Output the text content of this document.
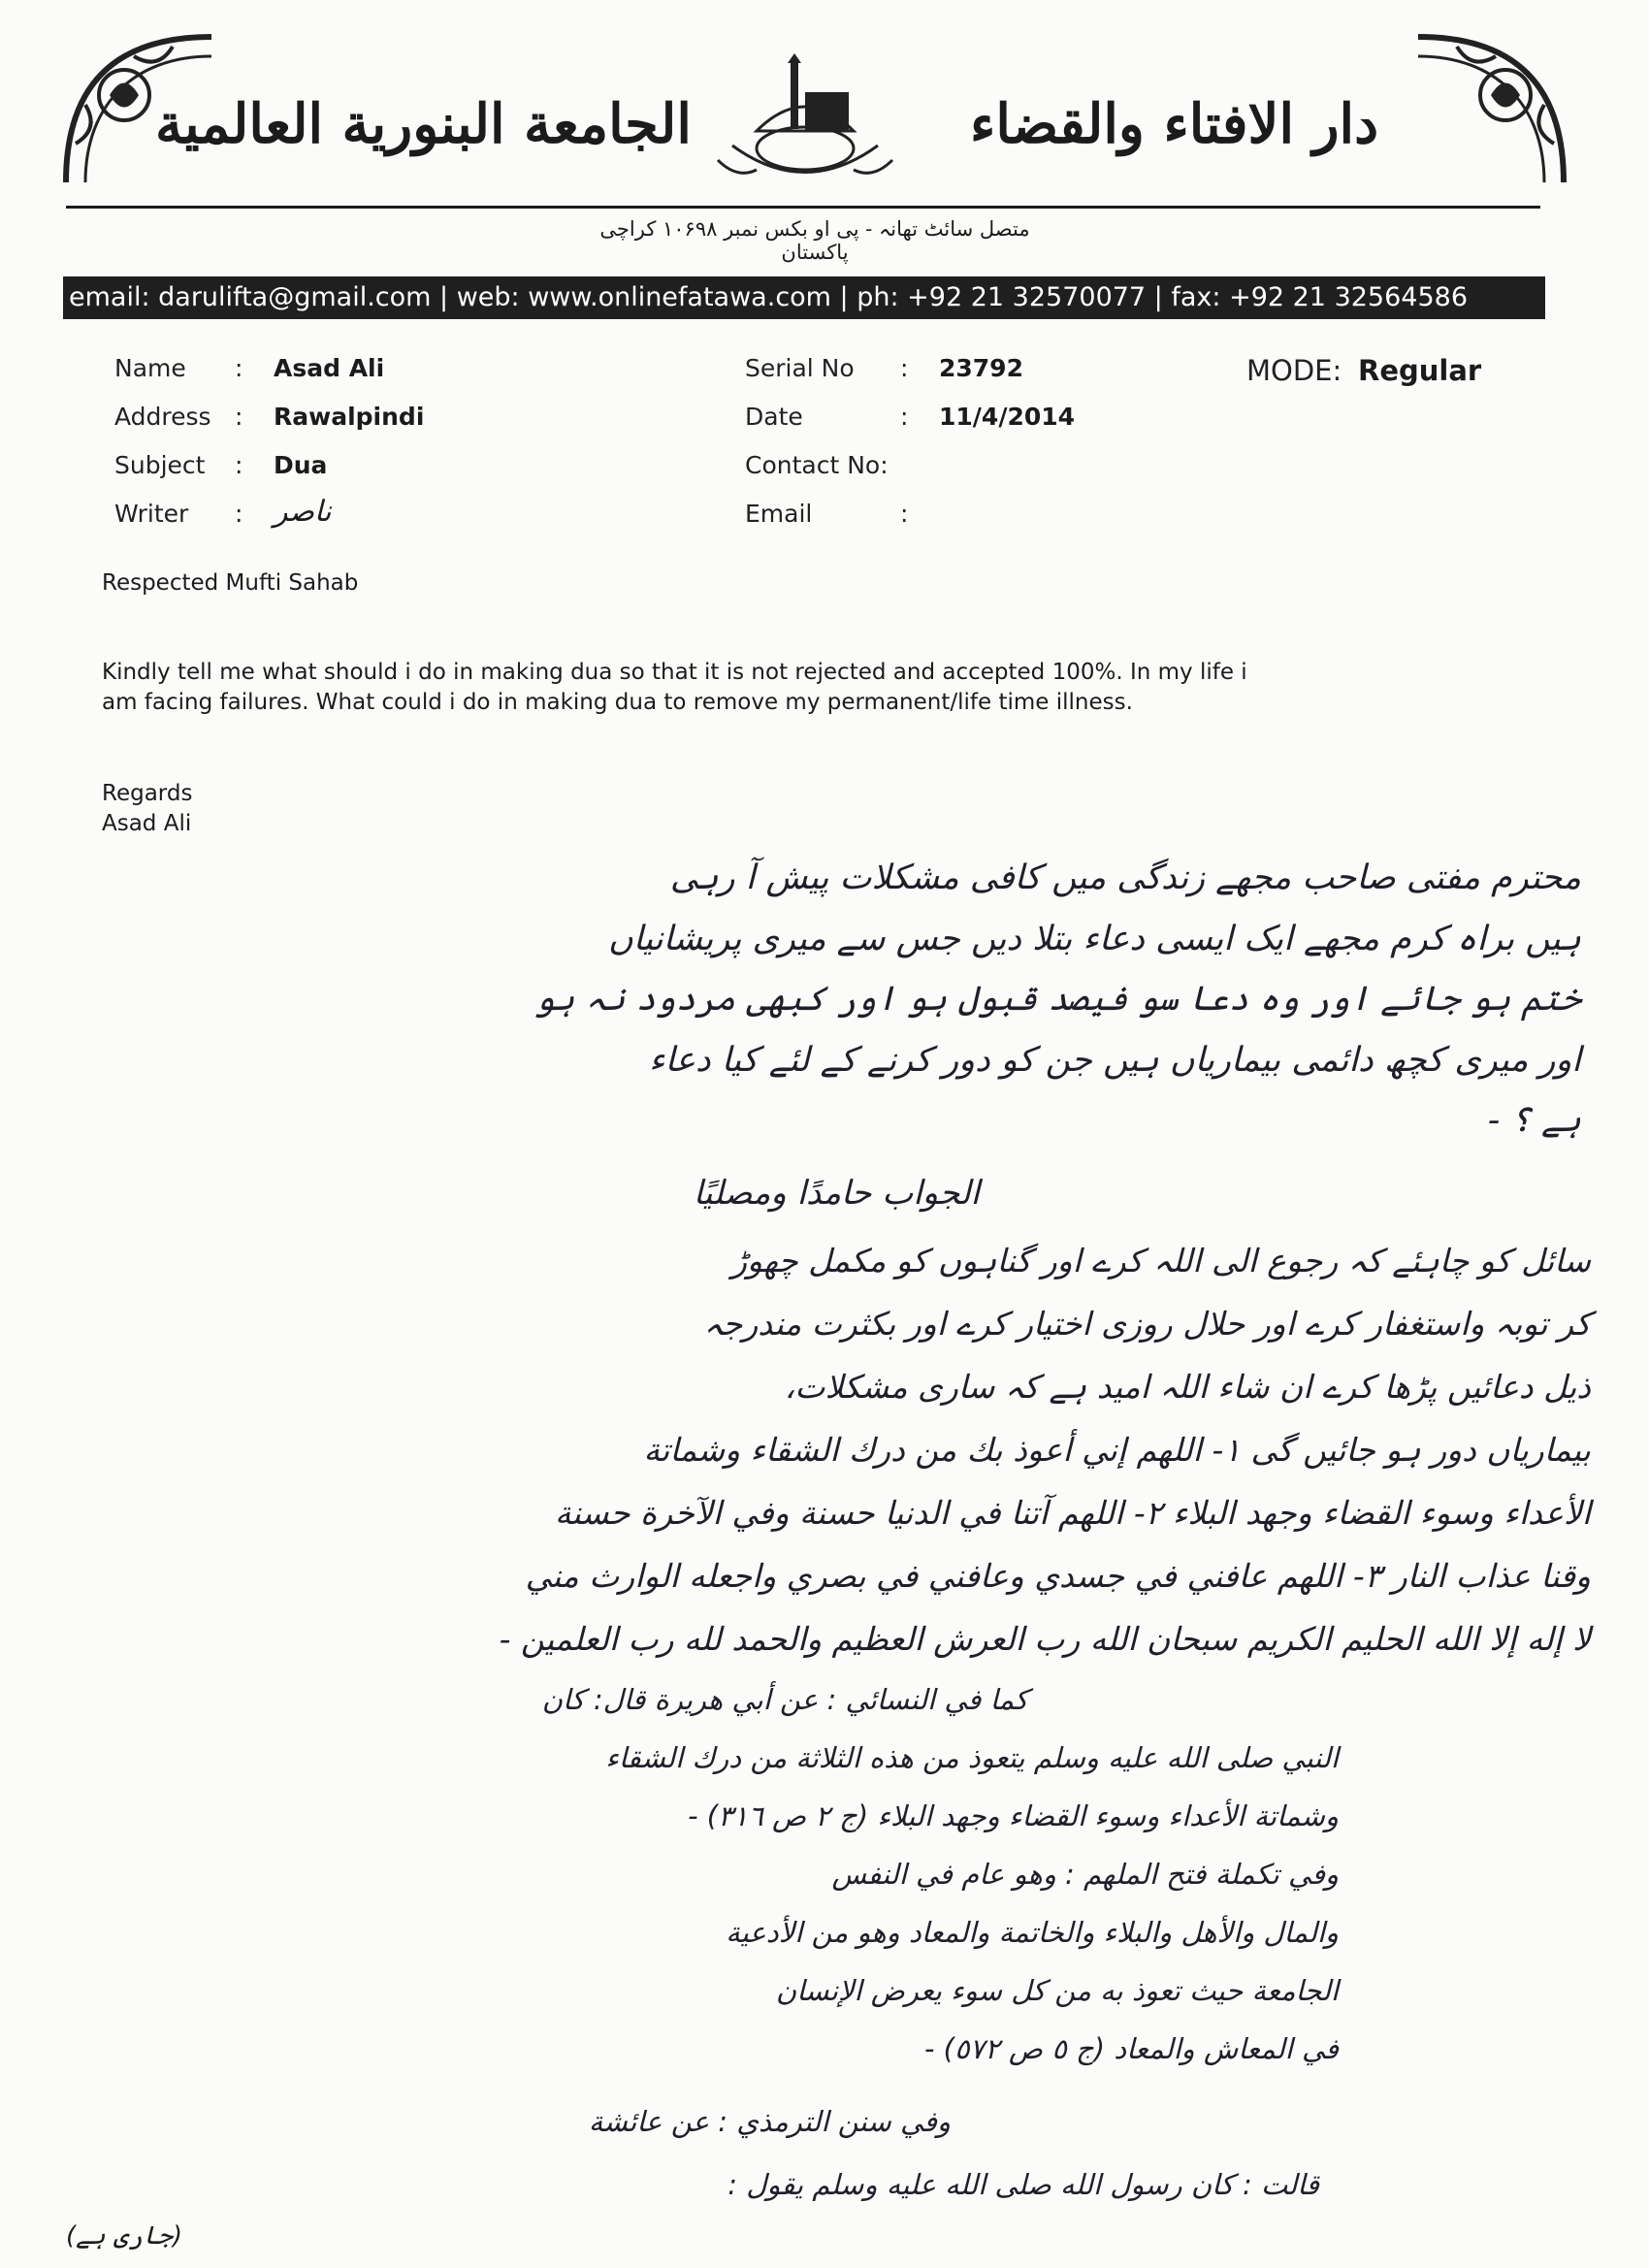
الجامعة البنورية العالمية	دار الافتاء والقضاء
متصل سائٹ تھانہ - پی او بکس نمبر ۱۰۶۹۸ کراچی پاکستان
email: darulifta@gmail.com | web: www.onlinefatawa.com | ph: +92 21 32570077 | fax: +92 21 32564586
Name : Asad Ali
Address : Rawalpindi
Subject : Dua
Writer : ناصر
Serial No : 23792
Date	: 11/4/2014
Contact No:
Email	:
MODE: Regular
Respected Mufti Sahab
Kindly tell me what should i do in making dua so that it is not rejected and accepted 100%. In my life i
am facing failures. What could i do in making dua to remove my permanent/life time illness.
Regards
Asad Ali
محترم مفتی صاحب مجھے زندگی میں کافی مشکلات پیش آ رہی
ہیں براہ کرم مجھے ایک ایسی دعاء بتلا دیں جس سے میری پریشانیاں
ختم ہو جائے اور وہ دعا سو فیصد قبول ہو اور کبھی مردود نہ ہو
اور میری کچھ دائمی بیماریاں ہیں جن کو دور کرنے کے لئے کیا دعاء
ہے ؟ -
الجواب حامدًا ومصليًا
سائل کو چاہئے کہ رجوع الی اللہ کرے اور گناہوں کو مکمل چھوڑ
کر توبہ واستغفار کرے اور حلال روزی اختیار کرے اور بکثرت مندرجہ
ذیل دعائیں پڑھا کرے ان شاء اللہ امید ہے کہ ساری مشکلات،
بیماریاں دور ہو جائیں گی ١- اللهم إني أعوذ بك من درك الشقاء وشماتة
الأعداء وسوء القضاء وجهد البلاء ٢- اللهم آتنا في الدنيا حسنة وفي الآخرة حسنة
وقنا عذاب النار ٣- اللهم عافني في جسدي وعافني في بصري واجعله الوارث مني
لا إله إلا الله الحليم الكريم سبحان الله رب العرش العظيم والحمد لله رب العلمين -
كما في النسائي : عن أبي هريرة قال: كان
النبي صلى الله عليه وسلم يتعوذ من هذه الثلاثة من درك الشقاء
وشماتة الأعداء وسوء القضاء وجهد البلاء (ج ٢ ص ٣١٦) -
وفي تكملة فتح الملهم : وهو عام في النفس
والمال والأهل والبلاء والخاتمة والمعاد وهو من الأدعية
الجامعة حيث تعوذ به من كل سوء يعرض الإنسان
في المعاش والمعاد (ج ٥ ص ٥٧٢) -
وفي سنن الترمذي : عن عائشة
قالت : كان رسول الله صلى الله عليه وسلم يقول :
(جاری ہے)
